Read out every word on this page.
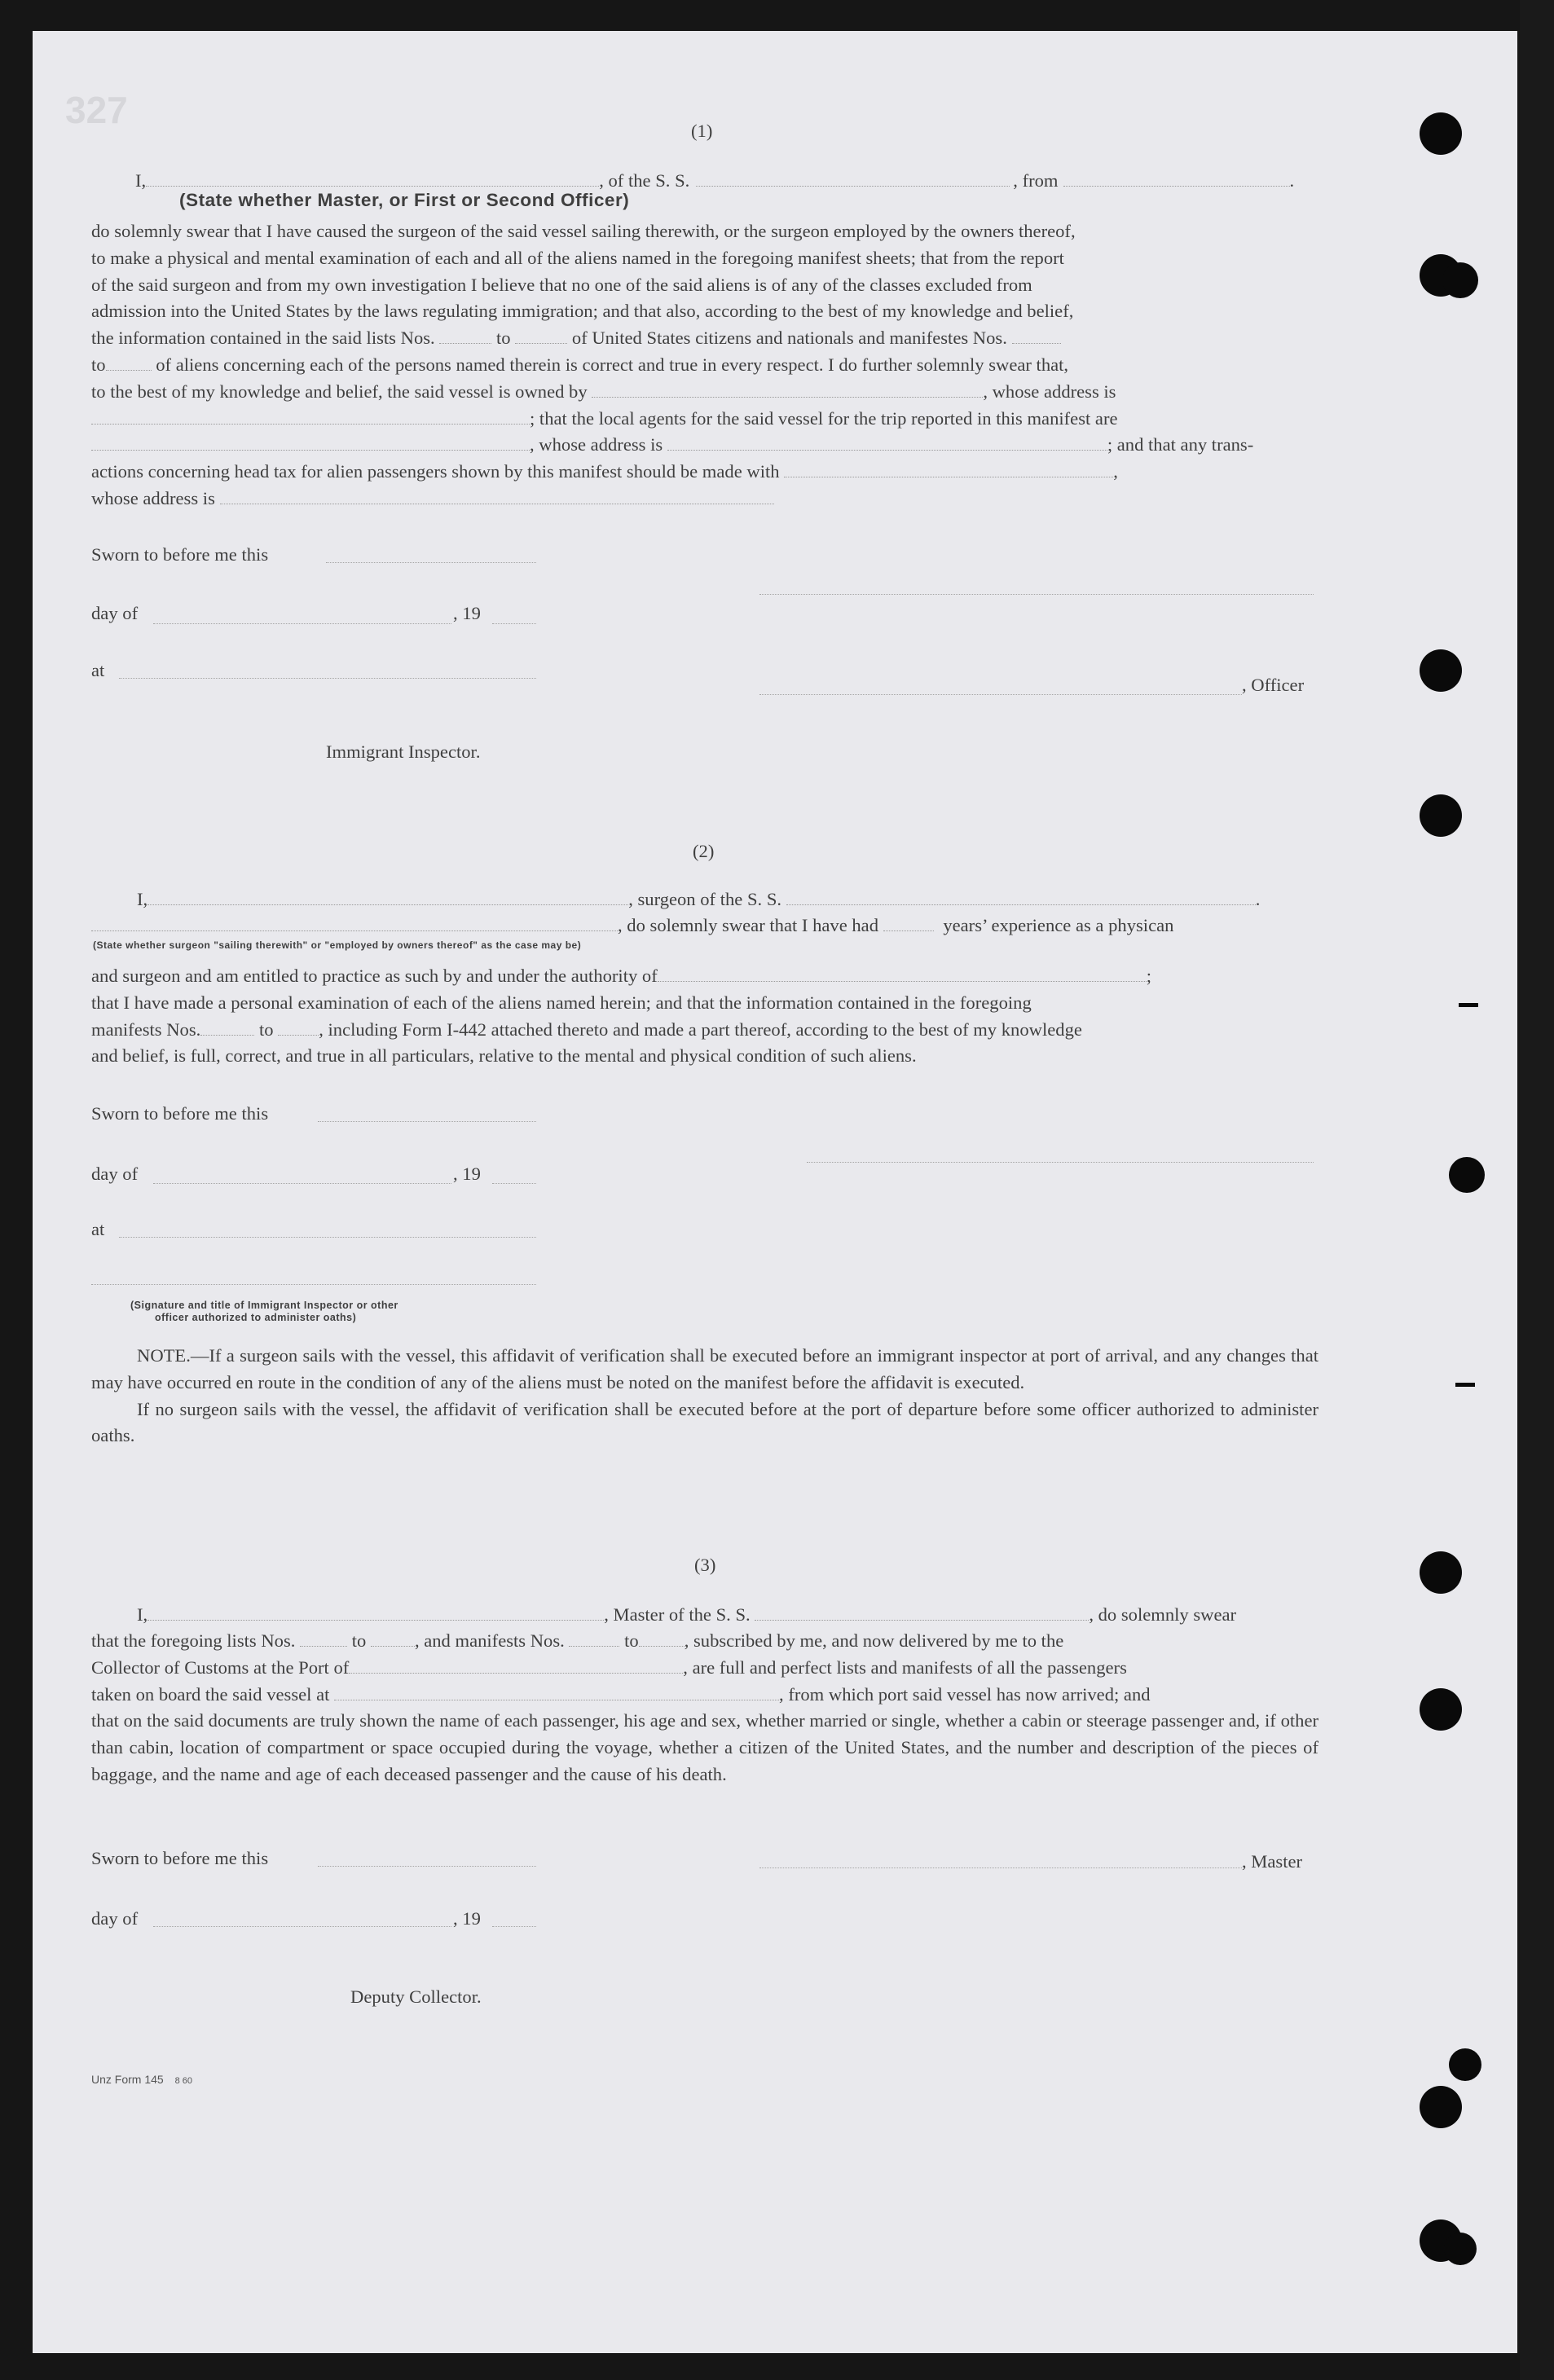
327	(1)
I,	, of the S. S.	, from	.
(State whether Master, or First or Second Officer)

do solemnly swear that I have caused the surgeon of the said vessel sailing therewith, or the surgeon employed by the owners thereof,

to make a physical and mental examination of each and all of the aliens named in the foregoing manifest sheets; that from the report

of the said surgeon and from my own investigation I believe that no one of the said aliens is of any of the classes excluded from

admission into the United States by the laws regulating immigration; and that also, according to the best of my knowledge and belief,

the information contained in the said lists Nos.	to	of United States citizens and nationals and manifestes Nos.

to	of aliens concerning each of the persons named therein is correct and true in every respect. I do further solemnly swear that,

to the best of my knowledge and belief, the said vessel is owned by	, whose address is

; that the local agents for the said vessel for the trip reported in this manifest are

, whose address is	; and that any trans-

actions concerning head tax for alien passengers shown by this manifest should be made with	,

whose address is

Sworn to before me this
day of	, 19
at
, Officer
Immigrant Inspector.
(2)
I,	, surgeon of the S. S.	.
, do solemnly swear that I have had	years’ experience as a physican
(State whether surgeon "sailing therewith" or "employed by owners thereof" as the case may be)

and surgeon and am entitled to practice as such by and under the authority of	;

that I have made a personal examination of each of the aliens named herein; and that the information contained in the foregoing

manifests Nos.	to , including Form I-442 attached thereto and made a part thereof, according to the best of my knowledge

and belief, is full, correct, and true in all particulars, relative to the mental and physical condition of such aliens.

Sworn to before me this
day of	, 19
at
(Signature and title of Immigrant Inspector or other
officer authorized to administer oaths)

NOTE.—If a surgeon sails with the vessel, this affidavit of verification shall be executed before an immigrant inspector at port of arrival, and any changes that may have occurred en route in the condition of any of the aliens must be noted on the manifest before the affidavit is executed.

If no surgeon sails with the vessel, the affidavit of verification shall be executed before at the port of departure before some officer authorized to administer oaths.

(3)
I,	, Master of the S. S.	, do solemnly swear

that the foregoing lists Nos.	to	, and manifests Nos.	to , subscribed by me, and now delivered by me to the

Collector of Customs at the Port of	, are full and perfect lists and manifests of all the passengers

taken on board the said vessel at	, from which port said vessel has now arrived; and

that on the said documents are truly shown the name of each passenger, his age and sex, whether married or single, whether a cabin or steerage passenger and, if other than cabin, location of compartment or space occupied during the voyage, whether a citizen of the United States, and the number and description of the pieces of baggage, and the name and age of each deceased passenger and the cause of his death.

Sworn to before me this	, Master
day of	, 19
Deputy Collector.
Unz Form 145 8 60
